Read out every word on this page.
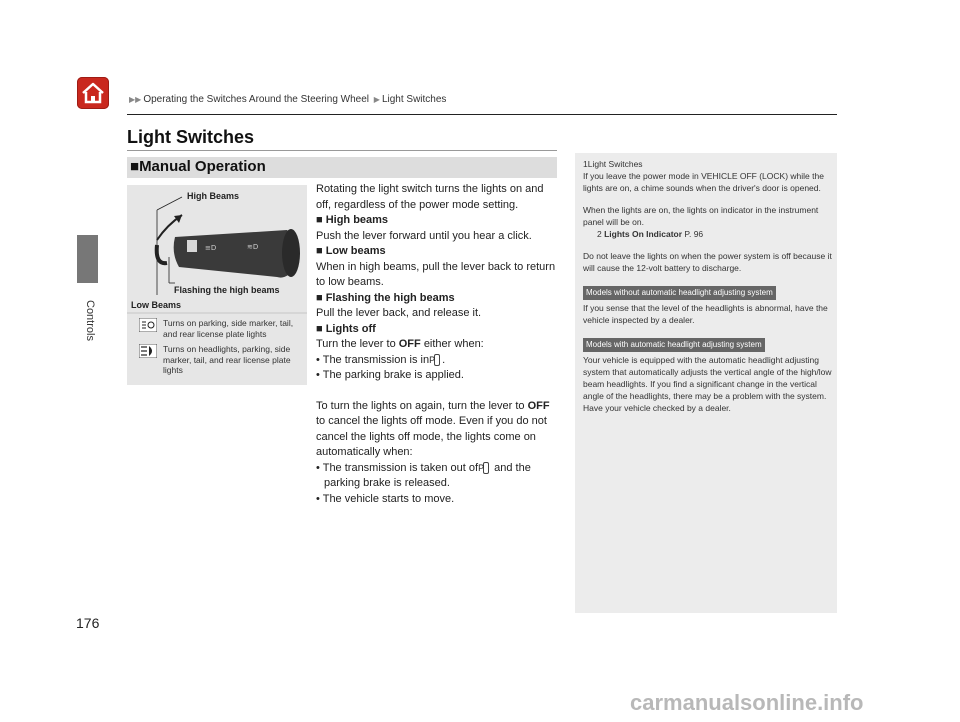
▶▶ Operating the Switches Around the Steering Wheel ▶ Light Switches
Controls
176
Light Switches
■Manual Operation
≡D	≋D
High Beams
Flashing the high beams
Low Beams
Turns on parking, side marker, tail, and rear license plate lights
Turns on headlights, parking, side marker, tail, and rear license plate lights

Rotating the light switch turns the lights on and off, regardless of the power mode setting.

■ High beams

Push the lever forward until you hear a click.

■ Low beams

When in high beams, pull the lever back to return to low beams.

■ Flashing the high beams

Pull the lever back, and release it.

■ Lights off

Turn the lever to OFF either when:

• The transmission is in P .

• The parking brake is applied.

To turn the lights on again, turn the lever to OFF to cancel the lights off mode. Even if you do not cancel the lights off mode, the lights come on automatically when:

• The transmission is taken out of P and the parking brake is released.

• The vehicle starts to move.

1Light Switches

If you leave the power mode in VEHICLE OFF (LOCK) while the lights are on, a chime sounds when the driver's door is opened.

When the lights are on, the lights on indicator in the instrument panel will be on.

2 Lights On Indicator P. 96

Do not leave the lights on when the power system is off because it will cause the 12-volt battery to discharge.

Models without automatic headlight adjusting system

If you sense that the level of the headlights is abnormal, have the vehicle inspected by a dealer.

Models with automatic headlight adjusting system

Your vehicle is equipped with the automatic headlight adjusting system that automatically adjusts the vertical angle of the high/low beam headlights. If you find a significant change in the vertical angle of the headlights, there may be a problem with the system. Have your vehicle checked by a dealer.

carmanualsonline.info
